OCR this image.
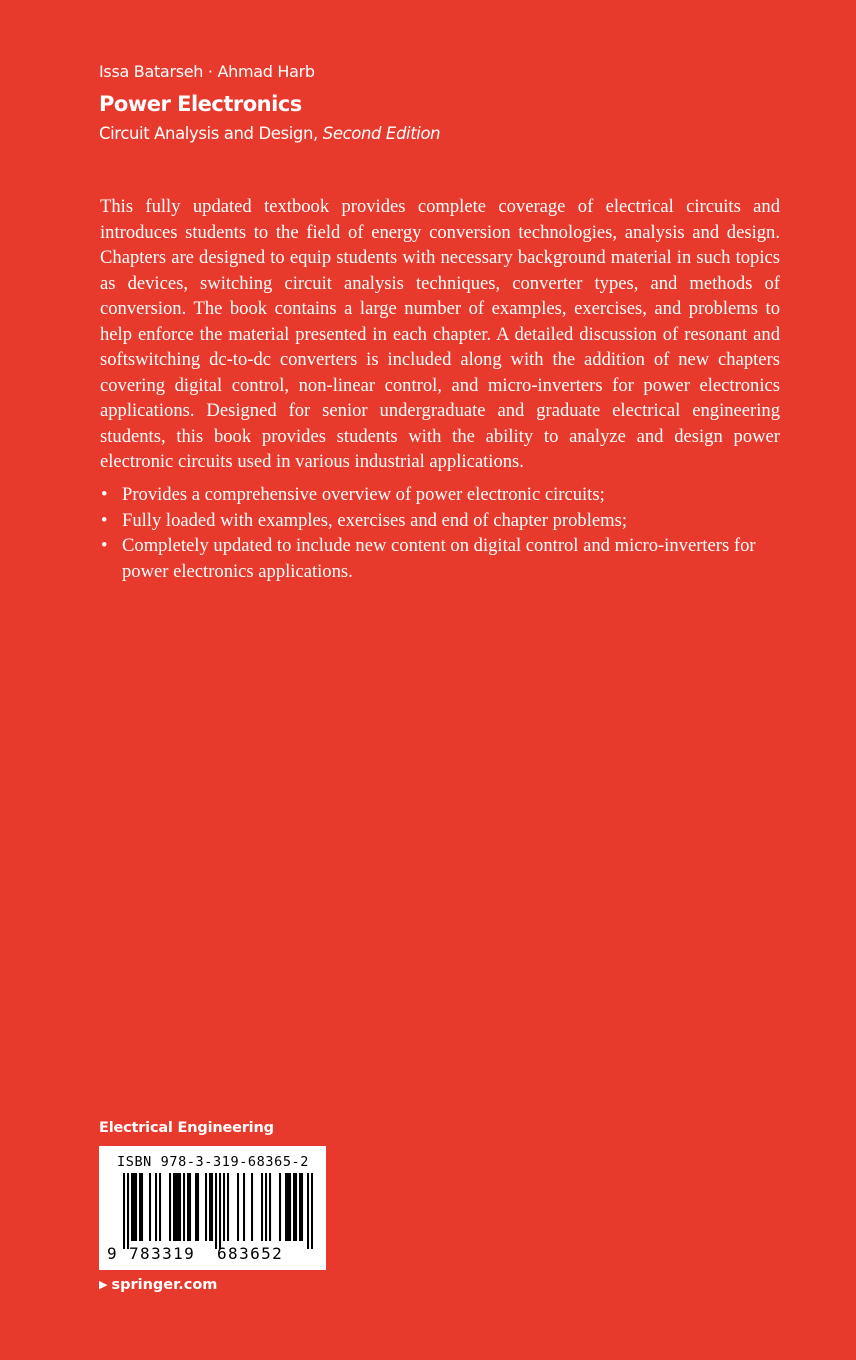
Issa Batarseh · Ahmad Harb
Power Electronics
Circuit Analysis and Design, Second Edition

This fully updated textbook provides complete coverage of electrical circuits and introduces students to the field of energy conversion technologies, analysis and design. Chapters are designed to equip students with necessary background material in such topics as devices, switching circuit analysis techniques, converter types, and methods of conversion. The book contains a large number of examples, exercises, and problems to help enforce the material presented in each chapter. A detailed discussion of resonant and softswitching dc-to-dc converters is included along with the addition of new chapters covering digital control, non-linear control, and micro-inverters for power electronics applications. Designed for senior undergraduate and graduate electrical engineering students, this book provides students with the ability to analyze and design power electronic circuits used in various industrial applications.

• Provides a comprehensive overview of power electronic circuits;
• Fully loaded with examples, exercises and end of chapter problems;
• Completely updated to include new content on digital control and micro-inverters for power electronics applications.
Electrical Engineering
ISBN 978-3-319-68365-2
9 783319 683652
▶ springer.com
